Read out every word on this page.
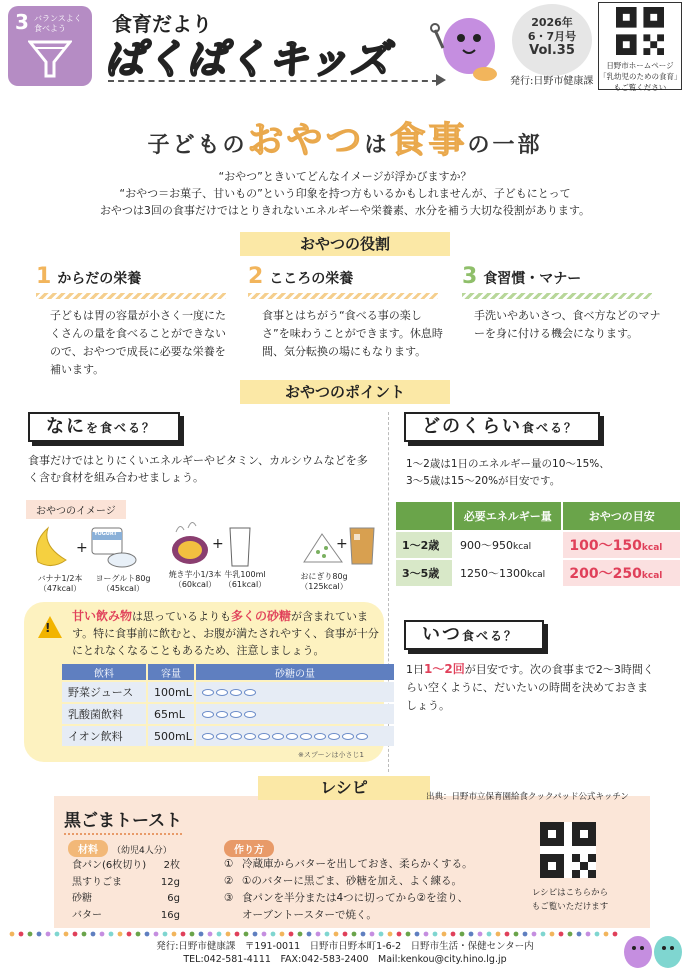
3 バランスよく食べよう	食育だより
ぱくぱくキッズ
2026年
6・7月号
Vol.35
発行:日野市健康課
日野市ホームページ
「乳幼児のための食育」
もご覧ください
子どものおやつは食事の一部
“おやつ”ときいてどんなイメージが浮かびますか？
“おやつ＝お菓子、甘いもの”という印象を持つ方もいるかもしれませんが、子どもにとって
おやつは3回の食事だけではとりきれないエネルギーや栄養素、水分を補う大切な役割があります。
おやつの役割
1 からだの栄養
子どもは胃の容量が小さく一度にたくさんの量を食べることができないので、おやつで成長に必要な栄養を補います。
2 こころの栄養
食事とはちがう“食べる事の楽しさ”を味わうことができます。休息時間、気分転換の場にもなります。
3 食習慣・マナー
手洗いやあいさつ、食べ方などのマナーを身に付ける機会になります。
おやつのポイント
なにを食べる？
食事だけではとりにくいエネルギーやビタミン、カルシウムなどを多く含む食材を組み合わせましょう。
おやつのイメージ
+
YOGURT
バナナ1/2本
（47kcal）
ヨーグルト80g
（45kcal）
+
焼き芋小1/3本
（60kcal）
牛乳100ml
（61kcal）
+
おにぎり80g
（125kcal）
!
甘い飲み物は思っているよりも多くの砂糖が含まれています。特に食事前に飲むと、お腹が満たされやすく、食事が十分にとれなくなることもあるため、注意しましょう。
飲料	容量	砂糖の量
野菜ジュース	100mL	
乳酸菌飲料	65mL	
イオン飲料	500mL	
※スプーンは小さじ1
どのくらい食べる？
1～2歳は1日のエネルギー量の10～15%、
3～5歳は15～20%が目安です。
	必要エネルギー量	おやつの目安
1～2歳	900～950kcal	100～150kcal
3～5歳	1250～1300kcal	200～250kcal
いつ食べる？
1日1～2回が目安です。次の食事まで2～3時間くらい空くように、だいたいの時間を決めておきましょう。
レシピ	出典：日野市立保育園給食クックパッド公式キッチン
黒ごまトースト
材料 （幼児4人分）
食パン(6枚切り) 2枚
黒すりごま	12g
砂糖	6g
バター	16g
作り方
① 冷蔵庫からバターを出しておき、柔らかくする。
② ①のバターに黒ごま、砂糖を加え、よく練る。
③ 食パンを半分または4つに切ってから②を塗り、
オーブントースターで焼く。
レシピはこちらから
もご覧いただけます
発行:日野市健康課　〒191-0011　日野市日野本町1-6-2　日野市生活・保健センター内
TEL:042-581-4111　FAX:042-583-2400　Mail:kenkou@city.hino.lg.jp
